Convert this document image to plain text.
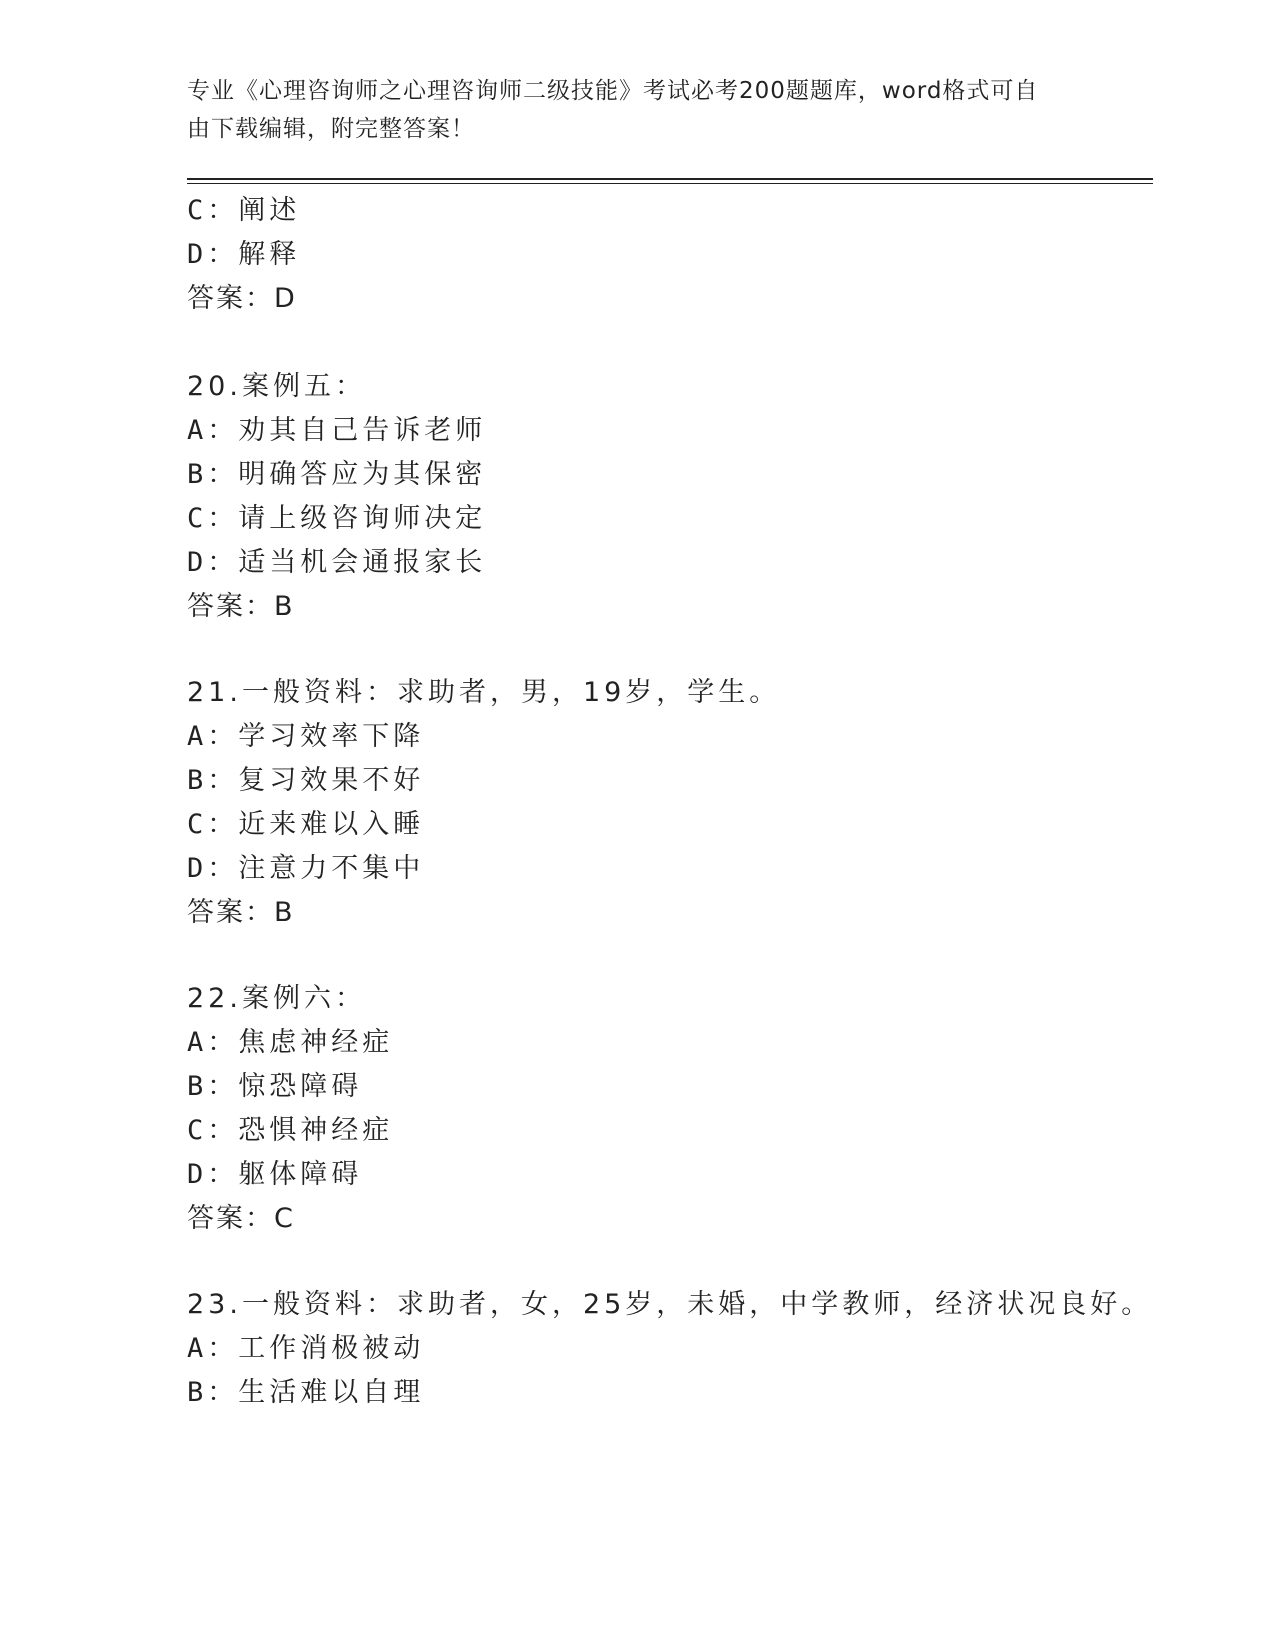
专业《心理咨询师之心理咨询师二级技能》考试必考200题题库，word格式可自
由下载编辑，附完整答案！
C：阐述
D：解释
答案：D
20.案例五：
A：劝其自己告诉老师
B：明确答应为其保密
C：请上级咨询师决定
D：适当机会通报家长
答案：B
21.一般资料：求助者，男，19岁，学生。
A：学习效率下降
B：复习效果不好
C：近来难以入睡
D：注意力不集中
答案：B
22.案例六：
A：焦虑神经症
B：惊恐障碍
C：恐惧神经症
D：躯体障碍
答案：C
23.一般资料：求助者，女，25岁，未婚，中学教师，经济状况良好。
A：工作消极被动
B：生活难以自理
